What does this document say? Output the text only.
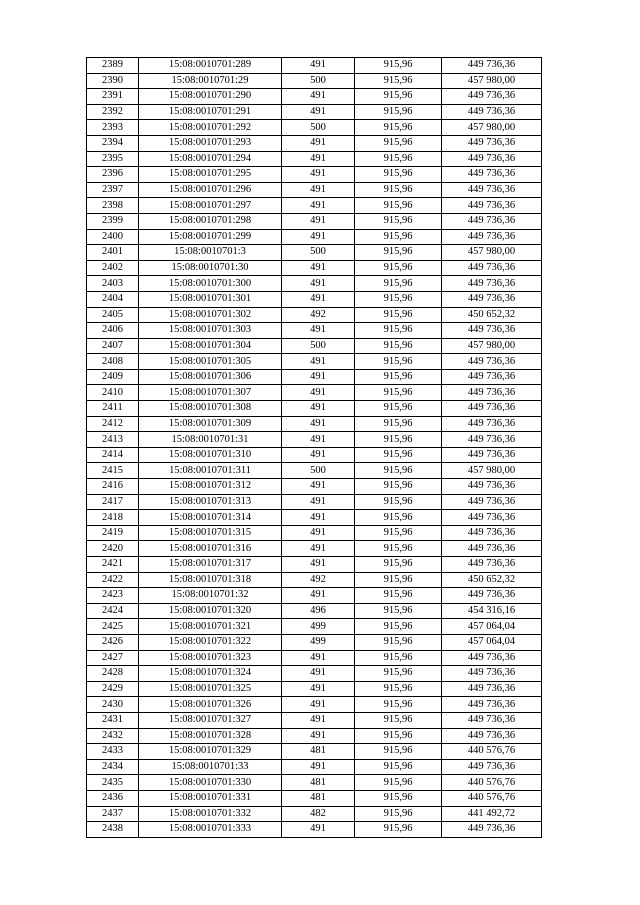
2389	15:08:0010701:289	491	915,96	449 736,36
2390	15:08:0010701:29	500	915,96	457 980,00
2391	15:08:0010701:290	491	915,96	449 736,36
2392	15:08:0010701:291	491	915,96	449 736,36
2393	15:08:0010701:292	500	915,96	457 980,00
2394	15:08:0010701:293	491	915,96	449 736,36
2395	15:08:0010701:294	491	915,96	449 736,36
2396	15:08:0010701:295	491	915,96	449 736,36
2397	15:08:0010701:296	491	915,96	449 736,36
2398	15:08:0010701:297	491	915,96	449 736,36
2399	15:08:0010701:298	491	915,96	449 736,36
2400	15:08:0010701:299	491	915,96	449 736,36
2401	15:08:0010701:3	500	915,96	457 980,00
2402	15:08:0010701:30	491	915,96	449 736,36
2403	15:08:0010701:300	491	915,96	449 736,36
2404	15:08:0010701:301	491	915,96	449 736,36
2405	15:08:0010701:302	492	915,96	450 652,32
2406	15:08:0010701:303	491	915,96	449 736,36
2407	15:08:0010701:304	500	915,96	457 980,00
2408	15:08:0010701:305	491	915,96	449 736,36
2409	15:08:0010701:306	491	915,96	449 736,36
2410	15:08:0010701:307	491	915,96	449 736,36
2411	15:08:0010701:308	491	915,96	449 736,36
2412	15:08:0010701:309	491	915,96	449 736,36
2413	15:08:0010701:31	491	915,96	449 736,36
2414	15:08:0010701:310	491	915,96	449 736,36
2415	15:08:0010701:311	500	915,96	457 980,00
2416	15:08:0010701:312	491	915,96	449 736,36
2417	15:08:0010701:313	491	915,96	449 736,36
2418	15:08:0010701:314	491	915,96	449 736,36
2419	15:08:0010701:315	491	915,96	449 736,36
2420	15:08:0010701:316	491	915,96	449 736,36
2421	15:08:0010701:317	491	915,96	449 736,36
2422	15:08:0010701:318	492	915,96	450 652,32
2423	15:08:0010701:32	491	915,96	449 736,36
2424	15:08:0010701:320	496	915,96	454 316,16
2425	15:08:0010701:321	499	915,96	457 064,04
2426	15:08:0010701:322	499	915,96	457 064,04
2427	15:08:0010701:323	491	915,96	449 736,36
2428	15:08:0010701:324	491	915,96	449 736,36
2429	15:08:0010701:325	491	915,96	449 736,36
2430	15:08:0010701:326	491	915,96	449 736,36
2431	15:08:0010701:327	491	915,96	449 736,36
2432	15:08:0010701:328	491	915,96	449 736,36
2433	15:08:0010701:329	481	915,96	440 576,76
2434	15:08:0010701:33	491	915,96	449 736,36
2435	15:08:0010701:330	481	915,96	440 576,76
2436	15:08:0010701:331	481	915,96	440 576,76
2437	15:08:0010701:332	482	915,96	441 492,72
2438	15:08:0010701:333	491	915,96	449 736,36
